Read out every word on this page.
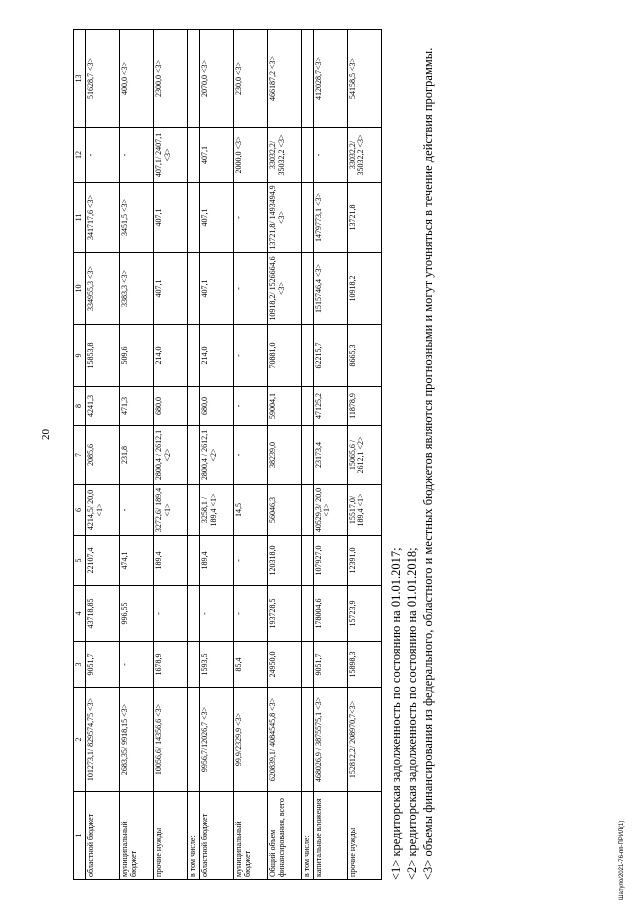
20
Шатуло/2021-76-пп-ПРИЛ(1)
1	2	3	4	5	6	7	8	9	10	11	12	13
областной бюджет	101273,1/ 829574,75 <3>	9051,7	43718,85	22107,4	4214,5/ 20,0 <1>	2085,6	4241,3	15853,8	334955,3 <3>	341717,6 <3>	-	51628,7 <3>
муниципальный бюджет	2683,35/ 9918,15 <3>	-	996,55	474,1	-	231,8	471,3	509,6	3383,3 <3>	3451,5 <3>	-	400,0 <3>
прочие нужды	10056,6/ 14356,6 <3>	1678,9	-	189,4	3272,6/ 189,4 <1>	2800,4 / 2612,1 <2>	680,0	214,0	407,1	407,1	407,1/ 2407,1 <3>	2300,0 <3>
в том числе:												
областной бюджет	9956,7/12026,7 <3>	1593,5	-	189,4	3258,1 / 189,4 <1>	2800,4 / 2612,1 <2>	680,0	214,0	407,1	407,1	407,1	2070,0 <3>
муниципальный бюджет	99,9/2329,9 <3>	85,4	-	-	14,5	-	-	-	-	-	2000,0 <3>	230,0 <3>
Общий объем финансирования, всего	620839,1/ 4084545,8 <3>	24950,0	193728,5	120318,0	56046,3	38239,0	59004,1	70881,0	10918,2/ 1526664,6 <3>	13721,8/ 1493494,9 <3>	33032,2/ 35032,2 <3>	466187,2 <3>
в том числе:												
капитальные вложения	468026,9 / 3875575,1 <3>	9051,7	178004,6	107927,0	40529,3/ 20,0 <1>	23173,4	47125,2	62215,7	1515746,4 <3>	1479773,1 <3>	-	412028,7<3>
прочие нужды	152812,2/ 208970,7<3>	15898,3	15723,9	12391,0	15517,0/ 189,4 <1>	15065,6 / 2612,1 <2>	11878,9	8665,3	10918,2	13721,8	33032,2/ 35032,2 <3>	54158,5 <3>
<1> кредиторская задолженность по состоянию на 01.01.2017; <2> кредиторская задолженность по состоянию на 01.01.2018; <3> объемы финансирования из федерального, областного и местных бюджетов являются прогнозными и могут уточняться в течение действия программы.
